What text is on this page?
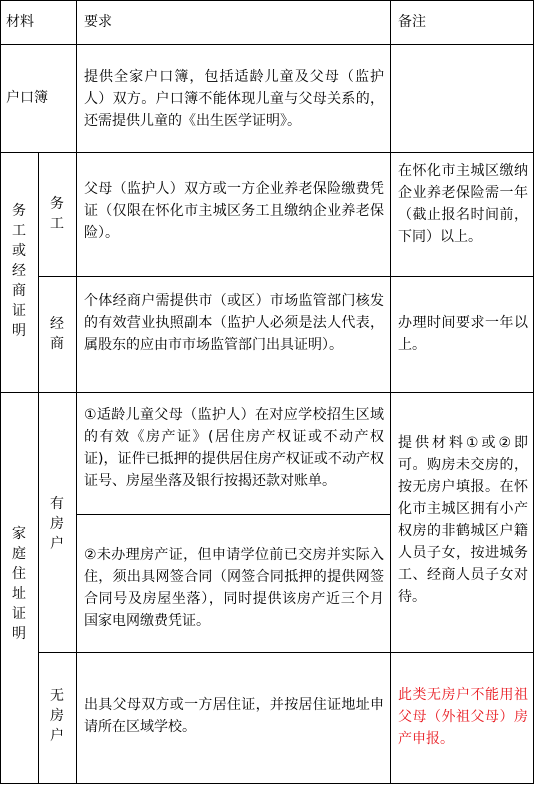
材料	要求	备注
户口簿
提供全家户口簿，包括适龄儿童及父母（监护人）双方。户口簿不能体现儿童与父母关系的，还需提供儿童的《出生医学证明》。
务工或经商证明
务工
父母（监护人）双方或一方企业养老保险缴费凭证（仅限在怀化市主城区务工且缴纳企业养老保险）。
在怀化市主城区缴纳企业养老保险需一年（截止报名时间前，下同）以上。
经商
个体经商户需提供市（或区）市场监管部门核发的有效营业执照副本（监护人必须是法人代表，属股东的应由市市场监管部门出具证明）。
办理时间要求一年以上。
家庭住址证明
有房户
①适龄儿童父母（监护人）在对应学校招生区域的有效《房产证》(居住房产权证或不动产权证)，证件已抵押的提供居住房产权证或不动产权证号、房屋坐落及银行按揭还款对账单。
②未办理房产证，但申请学位前已交房并实际入住，须出具网签合同（网签合同抵押的提供网签合同号及房屋坐落），同时提供该房产近三个月国家电网缴费凭证。
提供材料①或②即可。购房未交房的，按无房户填报。在怀化市主城区拥有小产权房的非鹤城区户籍人员子女，按进城务工、经商人员子女对待。
无房户
出具父母双方或一方居住证，并按居住证地址申请所在区域学校。
此类无房户不能用祖父母（外祖父母）房产申报。
